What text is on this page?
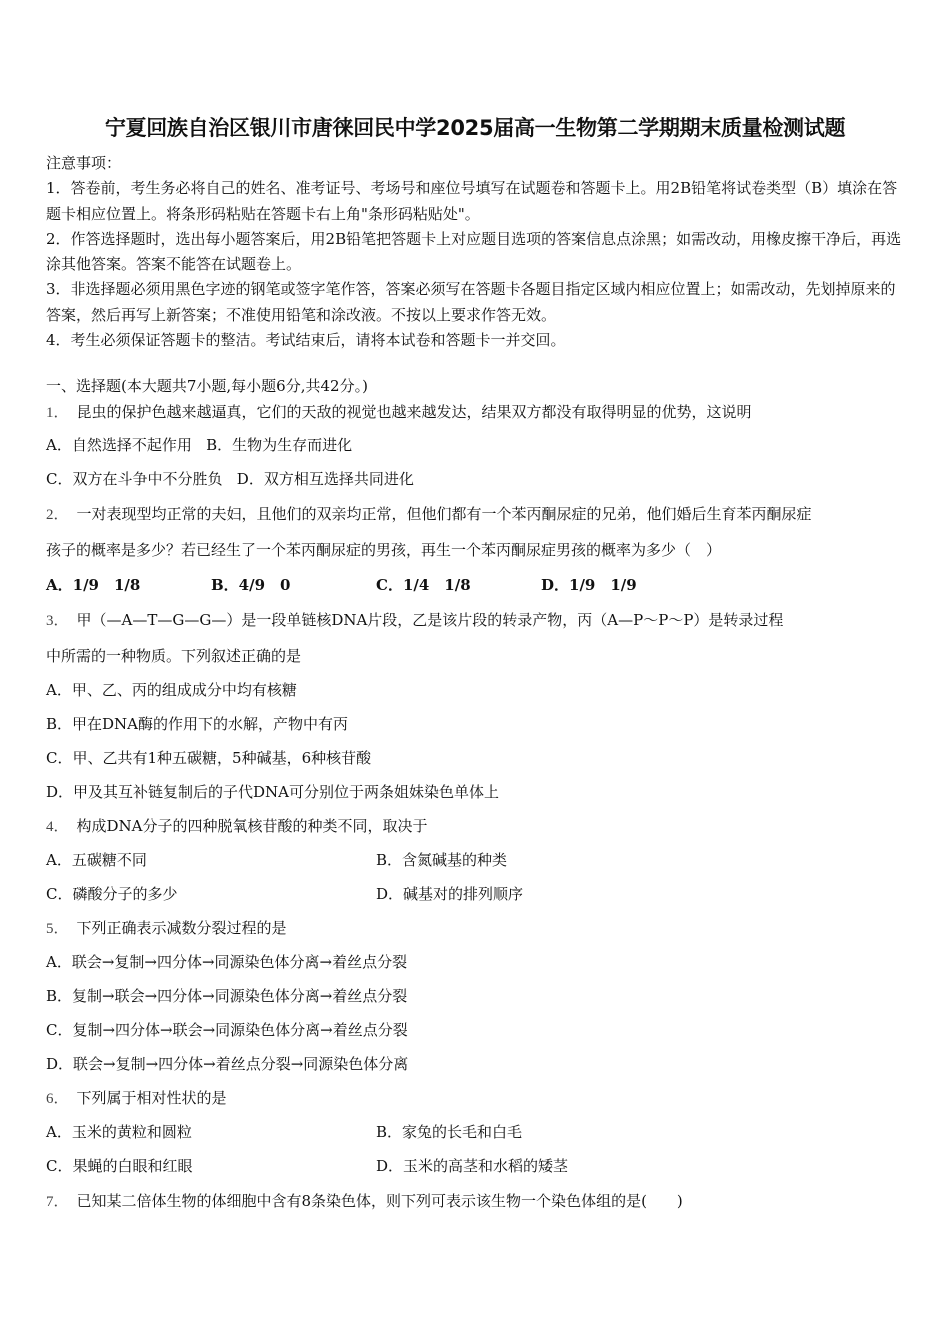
宁夏回族自治区银川市唐徕回民中学2025届高一生物第二学期期末质量检测试题

注意事项：

1．答卷前，考生务必将自己的姓名、准考证号、考场号和座位号填写在试题卷和答题卡上。用2B铅笔将试卷类型（B）填涂在答题卡相应位置上。将条形码粘贴在答题卡右上角"条形码粘贴处"。

2．作答选择题时，选出每小题答案后，用2B铅笔把答题卡上对应题目选项的答案信息点涂黑；如需改动，用橡皮擦干净后，再选涂其他答案。答案不能答在试题卷上。

3．非选择题必须用黑色字迹的钢笔或签字笔作答，答案必须写在答题卡各题目指定区域内相应位置上；如需改动，先划掉原来的答案，然后再写上新答案；不准使用铅笔和涂改液。不按以上要求作答无效。

4．考生必须保证答题卡的整洁。考试结束后，请将本试卷和答题卡一并交回。

一、选择题(本大题共7小题,每小题6分,共42分。)
1． 昆虫的保护色越来越逼真，它们的天敌的视觉也越来越发达，结果双方都没有取得明显的优势，这说明
A．自然选择不起作用 B．生物为生存而进化
C．双方在斗争中不分胜负 D．双方相互选择共同进化
2． 一对表现型均正常的夫妇，且他们的双亲均正常，但他们都有一个苯丙酮尿症的兄弟，他们婚后生育苯丙酮尿症
孩子的概率是多少？若已经生了一个苯丙酮尿症的男孩，再生一个苯丙酮尿症男孩的概率为多少（　）
A．1/9　1/8	B．4/9　0	C．1/4　1/8	D．1/9　1/9
3． 甲（—A—T—G—G—）是一段单链核DNA片段，乙是该片段的转录产物，丙（A—P～P～P）是转录过程
中所需的一种物质。下列叙述正确的是
A．甲、乙、丙的组成成分中均有核糖
B．甲在DNA酶的作用下的水解，产物中有丙
C．甲、乙共有1种五碳糖，5种碱基，6种核苷酸
D．甲及其互补链复制后的子代DNA可分别位于两条姐妹染色单体上
4． 构成DNA分子的四种脱氧核苷酸的种类不同，取决于
A．五碳糖不同	B．含氮碱基的种类
C．磷酸分子的多少	D．碱基对的排列顺序
5． 下列正确表示减数分裂过程的是
A．联会→复制→四分体→同源染色体分离→着丝点分裂
B．复制→联会→四分体→同源染色体分离→着丝点分裂
C．复制→四分体→联会→同源染色体分离→着丝点分裂
D．联会→复制→四分体→着丝点分裂→同源染色体分离
6． 下列属于相对性状的是
A．玉米的黄粒和圆粒	B．家兔的长毛和白毛
C．果蝇的白眼和红眼	D．玉米的高茎和水稻的矮茎
7． 已知某二倍体生物的体细胞中含有8条染色体，则下列可表示该生物一个染色体组的是(　　)
